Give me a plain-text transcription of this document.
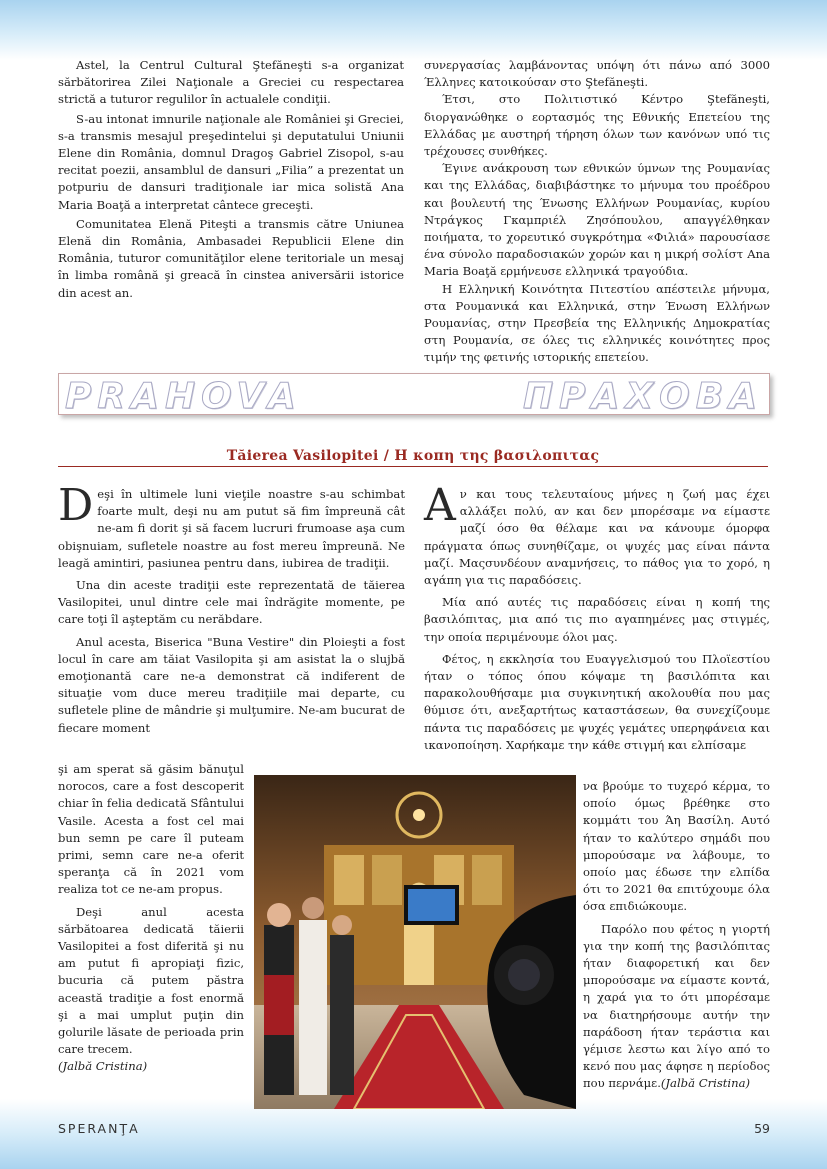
Astel, la Centrul Cultural Ştefăneşti s-a organizat sărbătorirea Zilei Naţionale a Greciei cu respectarea strictă a tuturor regulilor în actualele condiţii.

S-au intonat imnurile naţionale ale României şi Greciei, s-a transmis mesajul preşedintelui şi deputatului Uniunii Elene din România, domnul Dragoş Gabriel Zisopol, s-au recitat poezii, ansamblul de dansuri „Filia” a prezentat un potpuriu de dansuri tradiţionale iar mica solistă Ana Maria Boaţă a interpretat cântece greceşti.

Comunitatea Elenă Piteşti a transmis către Uniunea Elenă din România, Ambasadei Republicii Elene din România, tuturor comunităţilor elene teritoriale un mesaj în limba română şi greacă în cinstea aniversării istorice din acest an.

συνεργασίας λαμβάνοντας υπόψη ότι πάνω από 3000 Έλληνες κατοικούσαν στο Ştefăneşti.

Έτσι, στο Πολιτιστικό Κέντρο Ştefăneşti, διοργανώθηκε ο εορτασμός της Εθνικής Επετείου της Ελλάδας με αυστηρή τήρηση όλων των κανόνων υπό τις τρέχουσες συνθήκες.

Έγινε ανάκρουση των εθνικών ύμνων της Ρουμανίας και της Ελλάδας, διαβιβάστηκε το μήνυμα του προέδρου και βουλευτή της Ένωσης Ελλήνων Ρουμανίας, κυρίου Ντράγκος Γκαμπριέλ Ζησόπουλου, απαγγέλθηκαν ποιήματα, το χορευτικό συγκρότημα «Φιλιά» παρουσίασε ένα σύνολο παραδοσιακών χορών και η μικρή σολίστ Ana Maria Boaţă ερμήνευσε ελληνικά τραγούδια.

Η Ελληνική Κοινότητα Πιτεστίου απέστειλε μήνυμα, στα Ρουμανικά και Ελληνικά, στην Ένωση Ελλήνων Ρουμανίας, στην Πρεσβεία της Ελληνικής Δημοκρατίας στη Ρουμανία, σε όλες τις ελληνικές κοινότητες προς τιμήν της φετινής ιστορικής επετείου.

PRAHOVA	ΠΡΑΧΟΒΑ
Tăierea Vasilopitei / Η κοπη της βασιλοπιτας

Deşi în ultimele luni vieţile noastre s-au schimbat foarte mult, deşi nu am putut să fim împreună cât ne-am fi dorit şi să facem lucruri frumoase aşa cum obişnuiam, sufletele noastre au fost mereu împreună. Ne leagă amintiri, pasiunea pentru dans, iubirea de tradiţii.

Una din aceste tradiţii este reprezentată de tăierea Vasilopitei, unul dintre cele mai îndrăgite momente, pe care toţi îl aşteptăm cu nerăbdare.

Anul acesta, Biserica "Buna Vestire" din Ploieşti a fost locul în care am tăiat Vasilopita şi am asistat la o slujbă emoţionantă care ne-a demonstrat că indiferent de situaţie vom duce mereu tradiţiile mai departe, cu sufletele pline de mândrie şi mulţumire. Ne-am bucurat de fiecare moment

şi am sperat să găsim bănuţul norocos, care a fost descoperit chiar în felia dedicată Sfântului Vasile. Acesta a fost cel mai bun semn pe care îl puteam primi, semn care ne-a oferit speranţa că în 2021 vom realiza tot ce ne-am propus.

Deşi anul acesta sărbătoarea dedicată tăierii Vasilopitei a fost diferită şi nu am putut fi apropiaţi fizic, bucuria că putem păstra această tradiţie a fost enormă şi a mai umplut puţin din golurile lăsate de perioada prin care trecem.

(Jalbă Cristina)

Αν και τους τελευταίους μήνες η ζωή μας έχει αλλάξει πολύ, αν και δεν μπορέσαμε να είμαστε μαζί όσο θα θέλαμε και να κάνουμε όμορφα πράγματα όπως συνηθίζαμε, οι ψυχές μας είναι πάντα μαζί. Μαςσυνδέουν αναμνήσεις, το πάθος για το χορό, η αγάπη για τις παραδόσεις.

Μία από αυτές τις παραδόσεις είναι η κοπή της βασιλόπιτας, μια από τις πιο αγαπημένες μας στιγμές, την οποία περιμένουμε όλοι μας.

Φέτος, η εκκλησία του Ευαγγελισμού του Πλοϊεστίου ήταν ο τόπος όπου κόψαμε τη βασιλόπιτα και παρακολουθήσαμε μια συγκινητική ακολουθία που μας θύμισε ότι, ανεξαρτήτως καταστάσεων, θα συνεχίζουμε πάντα τις παραδόσεις με ψυχές γεμάτες υπερηφάνεια και ικανοποίηση. Χαρήκαμε την κάθε στιγμή και ελπίσαμε

να βρούμε το τυχερό κέρμα, το οποίο όμως βρέθηκε στο κομμάτι του Άη Βασίλη. Αυτό ήταν το καλύτερο σημάδι που μπορούσαμε να λάβουμε, το οποίο μας έδωσε την ελπίδα ότι το 2021 θα επιτύχουμε όλα όσα επιδιώκουμε.

Παρόλο που φέτος η γιορτή για την κοπή της βασιλόπιτας ήταν διαφορετική και δεν μπορούσαμε να είμαστε κοντά, η χαρά για το ότι μπορέσαμε να διατηρήσουμε αυτήν την παράδοση ήταν τεράστια και γέμισε λεστω και λίγο από το κενό που μας άφησε η περίοδος που περνάμε.(Jalbă Cristina)

SPERANŢA	59
